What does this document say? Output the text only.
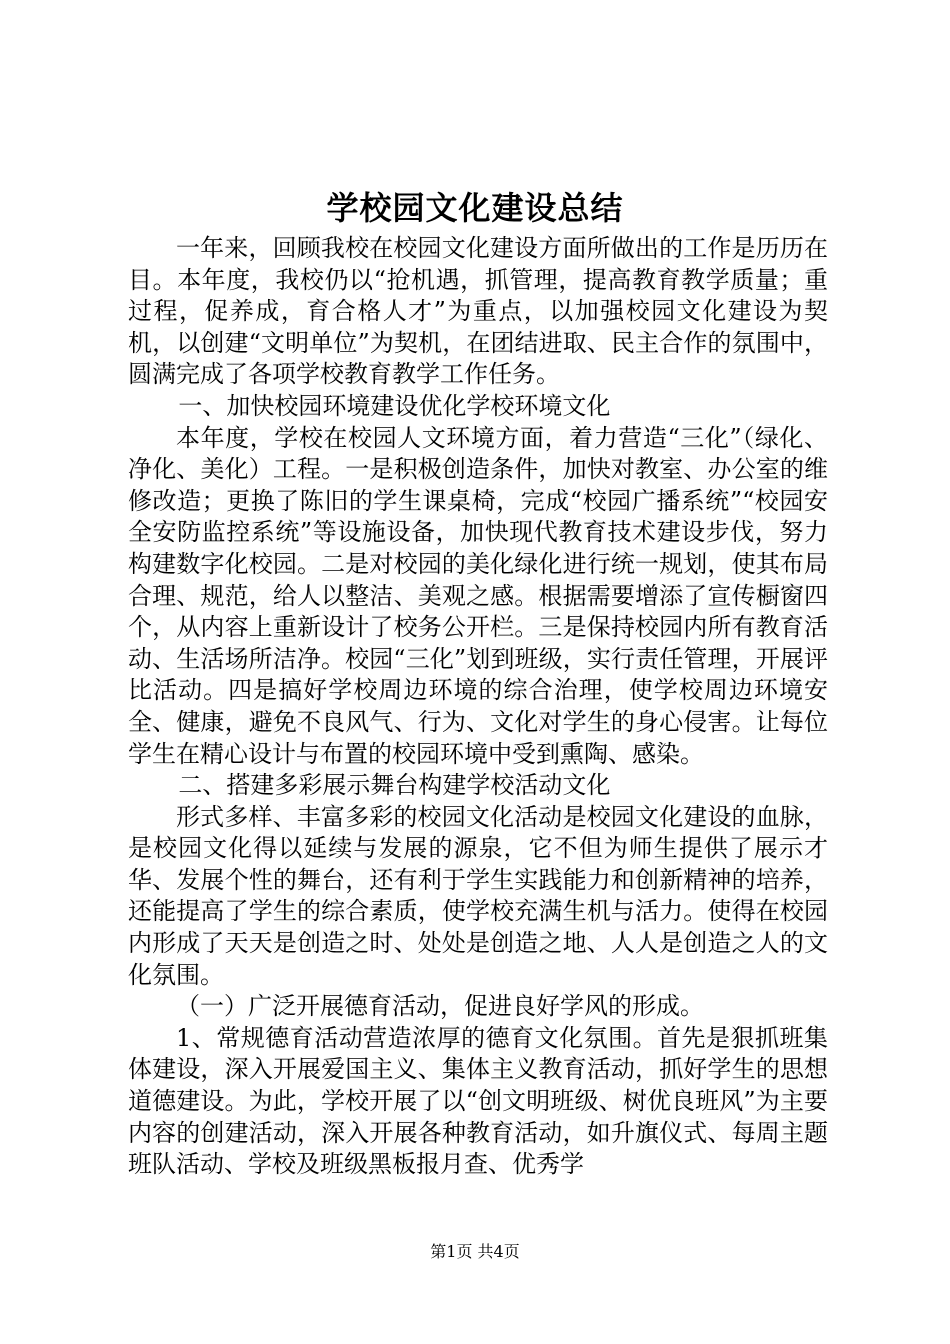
学校园文化建设总结

一年来，回顾我校在校园文化建设方面所做出的工作是历历在目。本年度，我校仍以“抢机遇，抓管理，提高教育教学质量；重过程，促养成，育合格人才”为重点，以加强校园文化建设为契机，以创建“文明单位”为契机，在团结进取、民主合作的氛围中，圆满完成了各项学校教育教学工作任务。

一、加快校园环境建设优化学校环境文化

本年度，学校在校园人文环境方面，着力营造“三化”（绿化、净化、美化）工程。一是积极创造条件，加快对教室、办公室的维修改造；更换了陈旧的学生课桌椅，完成“校园广播系统”“校园安全安防监控系统”等设施设备，加快现代教育技术建设步伐，努力构建数字化校园。二是对校园的美化绿化进行统一规划，使其布局合理、规范，给人以整洁、美观之感。根据需要增添了宣传橱窗四个，从内容上重新设计了校务公开栏。三是保持校园内所有教育活动、生活场所洁净。校园“三化”划到班级，实行责任管理，开展评比活动。四是搞好学校周边环境的综合治理，使学校周边环境安全、健康，避免不良风气、行为、文化对学生的身心侵害。让每位学生在精心设计与布置的校园环境中受到熏陶、感染。

二、搭建多彩展示舞台构建学校活动文化

形式多样、丰富多彩的校园文化活动是校园文化建设的血脉，是校园文化得以延续与发展的源泉，它不但为师生提供了展示才华、发展个性的舞台，还有利于学生实践能力和创新精神的培养，还能提高了学生的综合素质，使学校充满生机与活力。使得在校园内形成了天天是创造之时、处处是创造之地、人人是创造之人的文化氛围。

（一）广泛开展德育活动，促进良好学风的形成。

1、常规德育活动营造浓厚的德育文化氛围。首先是狠抓班集体建设，深入开展爱国主义、集体主义教育活动，抓好学生的思想道德建设。为此，学校开展了以“创文明班级、树优良班风”为主要内容的创建活动，深入开展各种教育活动，如升旗仪式、每周主题班队活动、学校及班级黑板报月查、优秀学

第1页 共4页
